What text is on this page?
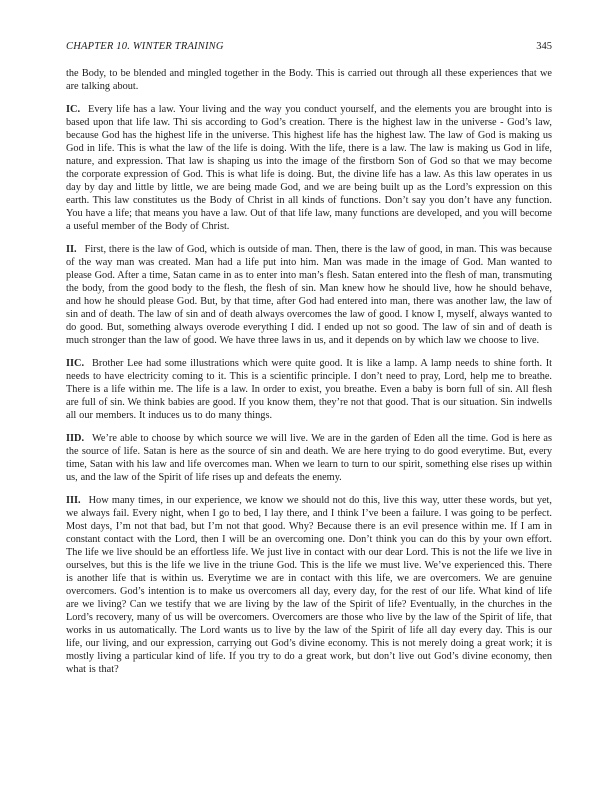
CHAPTER 10. WINTER TRAINING	345

the Body, to be blended and mingled together in the Body. This is carried out through all these experiences that we are talking about.

IC. Every life has a law. Your living and the way you conduct yourself, and the elements you are brought into is based upon that life law. Thi sis according to God’s creation. There is the highest law in the universe - God’s law, because God has the highest life in the universe. This highest life has the highest law. The law of God is making us God in life. This is what the law of the life is doing. With the life, there is a law. The law is making us God in life, nature, and expression. That law is shaping us into the image of the firstborn Son of God so that we may become the corporate expression of God. This is what life is doing. But, the divine life has a law. As this law operates in us day by day and little by little, we are being made God, and we are being built up as the Lord’s expression on this earth. This law constitutes us the Body of Christ in all kinds of functions. Don’t say you don’t have any function. You have a life; that means you have a law. Out of that life law, many functions are developed, and you will become a useful member of the Body of Christ.

II. First, there is the law of God, which is outside of man. Then, there is the law of good, in man. This was because of the way man was created. Man had a life put into him. Man was made in the image of God. Man wanted to please God. After a time, Satan came in as to enter into man’s flesh. Satan entered into the flesh of man, transmuting the body, from the good body to the flesh, the flesh of sin. Man knew how he should live, how he should behave, and how he should please God. But, by that time, after God had entered into man, there was another law, the law of sin and of death. The law of sin and of death always overcomes the law of good. I know I, myself, always wanted to do good. But, something always overode everything I did. I ended up not so good. The law of sin and of death is much stronger than the law of good. We have three laws in us, and it depends on by which law we choose to live.

IIC. Brother Lee had some illustrations which were quite good. It is like a lamp. A lamp needs to shine forth. It needs to have electricity coming to it. This is a scientific principle. I don’t need to pray, Lord, help me to breathe. There is a life within me. The life is a law. In order to exist, you breathe. Even a baby is born full of sin. All flesh are full of sin. We think babies are good. If you know them, they’re not that good. That is our situation. Sin indwells all our members. It induces us to do many things.

IID. We’re able to choose by which source we will live. We are in the garden of Eden all the time. God is here as the source of life. Satan is here as the source of sin and death. We are here trying to do good everytime. But, every time, Satan with his law and life overcomes man. When we learn to turn to our spirit, something else rises up within us, and the law of the Spirit of life rises up and defeats the enemy.

III. How many times, in our experience, we know we should not do this, live this way, utter these words, but yet, we always fail. Every night, when I go to bed, I lay there, and I think I’ve been a failure. I was going to be perfect. Most days, I’m not that bad, but I’m not that good. Why? Because there is an evil presence within me. If I am in constant contact with the Lord, then I will be an overcoming one. Don’t think you can do this by your own effort. The life we live should be an effortless life. We just live in contact with our dear Lord. This is not the life we live in ourselves, but this is the life we live in the triune God. This is the life we must live. We’ve experienced this. There is another life that is within us. Everytime we are in contact with this life, we are overcomers. We are genuine overcomers. God’s intention is to make us overcomers all day, every day, for the rest of our life. What kind of life are we living? Can we testify that we are living by the law of the Spirit of life? Eventually, in the churches in the Lord’s recovery, many of us will be overcomers. Overcomers are those who live by the law of the Spirit of life, that works in us automatically. The Lord wants us to live by the law of the Spirit of life all day every day. This is our life, our living, and our expression, carrying out God’s divine economy. This is not merely doing a great work; it is mostly living a particular kind of life. If you try to do a great work, but don’t live out God’s divine economy, then what is that?
